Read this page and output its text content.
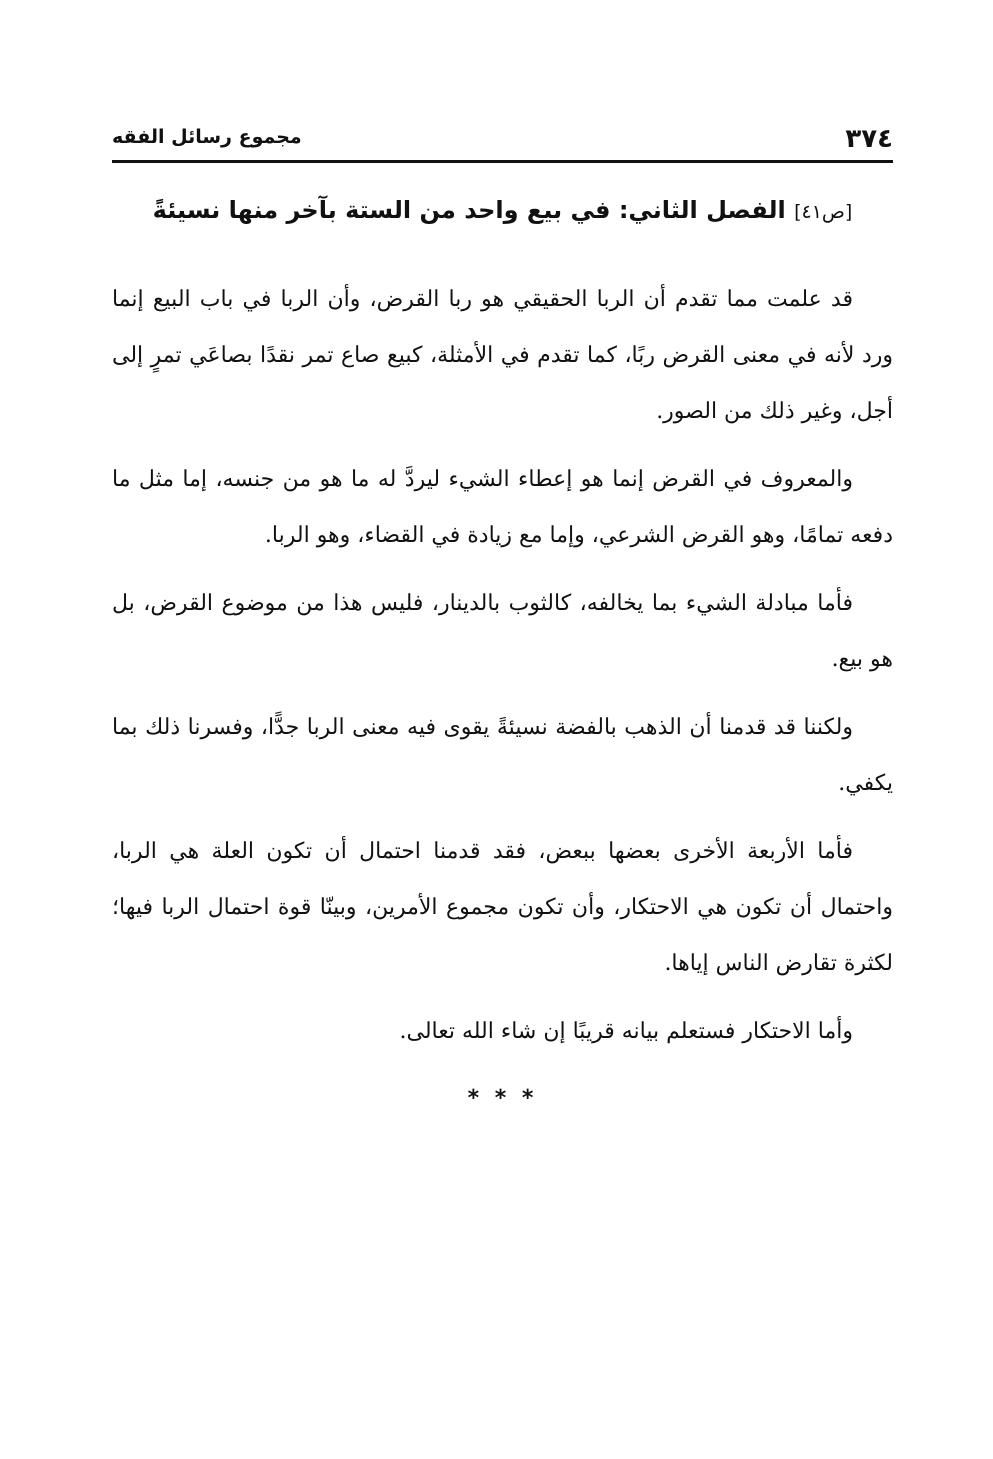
٣٧٤
مجموع رسائل الفقه
[ص٤١] الفصل الثاني: في بيع واحد من الستة بآخر منها نسيئةً

قد علمت مما تقدم أن الربا الحقيقي هو ربا القرض، وأن الربا في باب البيع إنما ورد لأنه في معنى القرض ربًا، كما تقدم في الأمثلة، كبيع صاع تمر نقدًا بصاعَي تمرٍ إلى أجل، وغير ذلك من الصور.

والمعروف في القرض إنما هو إعطاء الشيء ليردَّ له ما هو من جنسه، إما مثل ما دفعه تمامًا، وهو القرض الشرعي، وإما مع زيادة في القضاء، وهو الربا.

فأما مبادلة الشيء بما يخالفه، كالثوب بالدينار، فليس هذا من موضوع القرض، بل هو بيع.

ولكننا قد قدمنا أن الذهب بالفضة نسيئةً يقوى فيه معنى الربا جدًّا، وفسرنا ذلك بما يكفي.

فأما الأربعة الأخرى بعضها ببعض، فقد قدمنا احتمال أن تكون العلة هي الربا، واحتمال أن تكون هي الاحتكار، وأن تكون مجموع الأمرين، وبينّا قوة احتمال الربا فيها؛ لكثرة تقارض الناس إياها.

وأما الاحتكار فستعلم بيانه قريبًا إن شاء الله تعالى.

* * *
